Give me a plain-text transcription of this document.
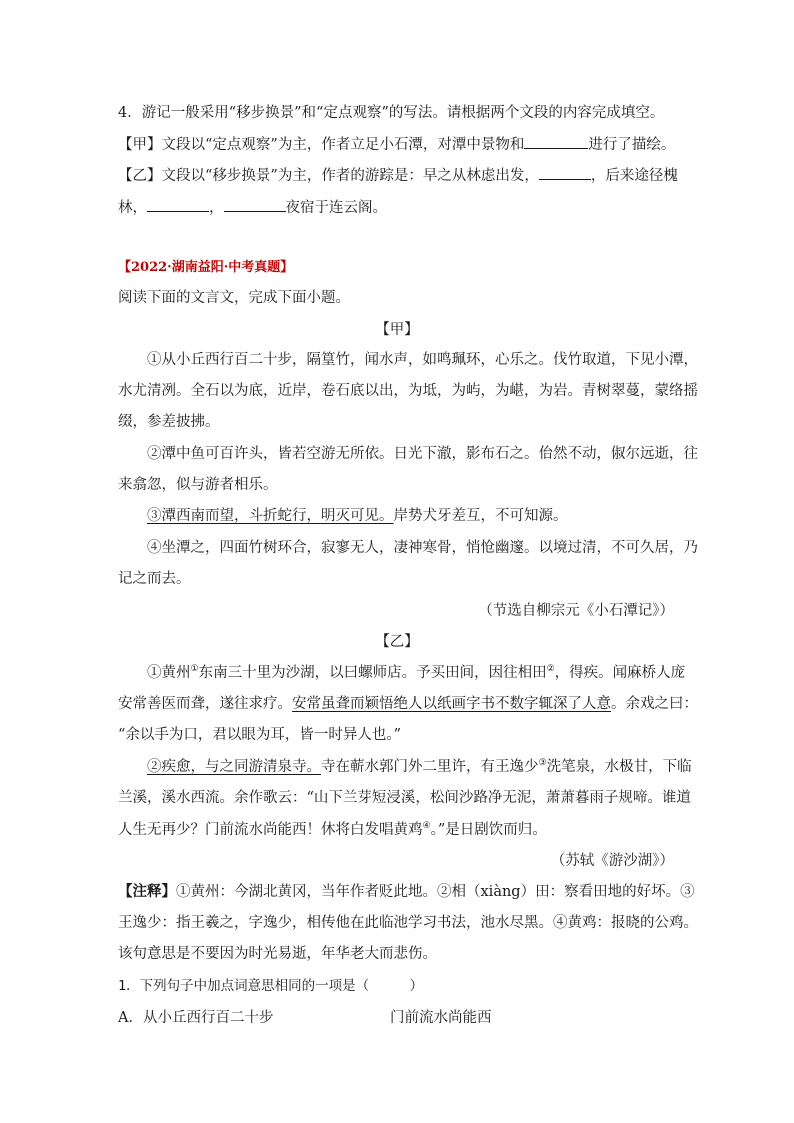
4．游记一般采用“移步换景”和“定点观察”的写法。请根据两个文段的内容完成填空。
【甲】文段以“定点观察”为主，作者立足小石潭，对潭中景物和	进行了描绘。
【乙】文段以“移步换景”为主，作者的游踪是：早之从林虑出发，	，后来途径槐
林，	，	夜宿于连云阁。
【2022·湖南益阳·中考真题】
阅读下面的文言文，完成下面小题。
【甲】
①从小丘西行百二十步，隔篁竹，闻水声，如鸣珮环，心乐之。伐竹取道，下见小潭，
水尤清冽。全石以为底，近岸，卷石底以出，为坻，为屿，为嵁，为岩。青树翠蔓，蒙络摇
缀，参差披拂。
②潭中鱼可百许头，皆若空游无所依。日光下澈，影布石之。佁然不动，俶尔远逝，往
来翕忽，似与游者相乐。
③潭西南而望，斗折蛇行，明灭可见。岸势犬牙差互，不可知源。
④坐潭之，四面竹树环合，寂寥无人，凄神寒骨，悄怆幽邃。以境过清，不可久居，乃
记之而去。
（节选自柳宗元《小石潭记》）
【乙】
①黄州①东南三十里为沙湖，以曰螺师店。予买田间，因往相田②，得疾。闻麻桥人庞
安常善医而聋，遂往求疗。安常虽聋而颖悟绝人以纸画字书不数字辄深了人意。余戏之曰：
“余以手为口，君以眼为耳，皆一时异人也。”
②疾愈，与之同游清泉寺。寺在蕲水郭门外二里许，有王逸少③洗笔泉，水极甘，下临
兰溪，溪水西流。余作歌云：“山下兰芽短浸溪，松间沙路净无泥，萧萧暮雨子规啼。谁道
人生无再少？门前流水尚能西！休将白发唱黄鸡④。”是日剧饮而归。
（苏轼《游沙湖》）
【注释】①黄州：今湖北黄冈，当年作者贬此地。②相（xiàng）田：察看田地的好坏。③
王逸少：指王羲之，字逸少，相传他在此临池学习书法，池水尽黑。④黄鸡：报晓的公鸡。
该句意思是不要因为时光易逝，年华老大而悲伤。
1．下列句子中加点词意思相同的一项是（　　　）
A．从小丘西行百二十步	门前流水尚能西
